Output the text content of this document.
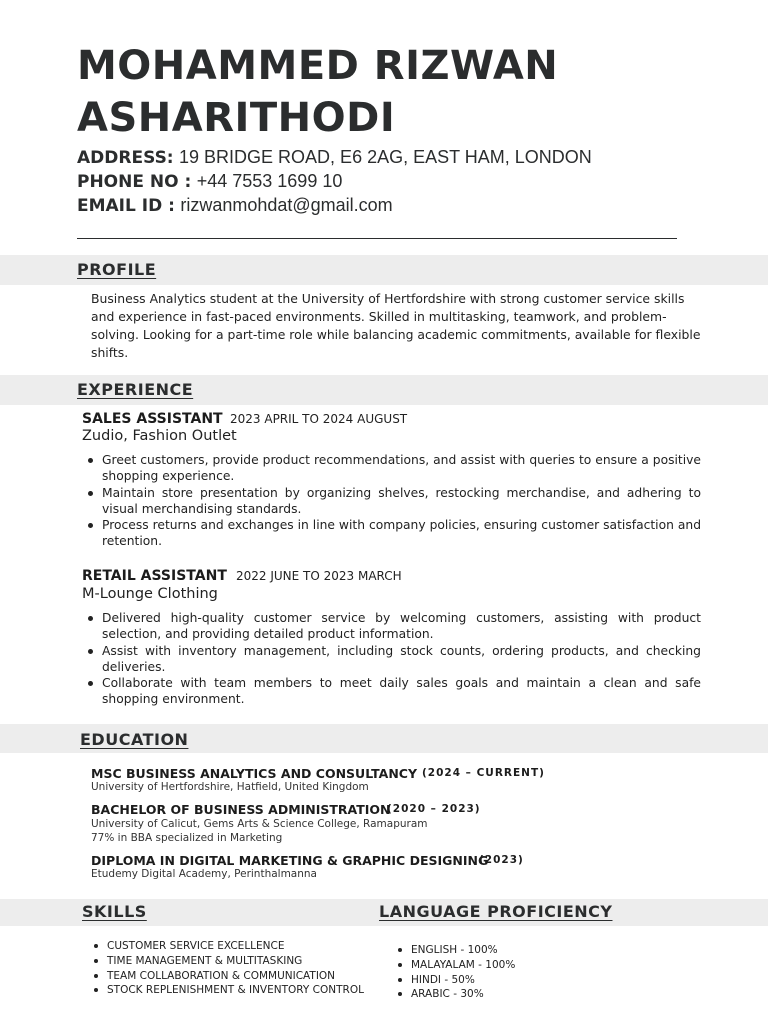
MOHAMMED RIZWAN
ASHARITHODI
ADDRESS: 19 BRIDGE ROAD, E6 2AG, EAST HAM, LONDON
PHONE NO : +44 7553 1699 10
EMAIL ID : rizwanmohdat@gmail.com
PROFILE
Business Analytics student at the University of Hertfordshire with strong customer service skills and experience in fast-paced environments. Skilled in multitasking, teamwork, and problem-solving. Looking for a part-time role while balancing academic commitments, available for flexible shifts.
EXPERIENCE
SALES ASSISTANT 2023 APRIL TO 2024 AUGUST
Zudio, Fashion Outlet
Greet customers, provide product recommendations, and assist with queries to ensure a positive shopping experience.
Maintain store presentation by organizing shelves, restocking merchandise, and adhering to visual merchandising standards.
Process returns and exchanges in line with company policies, ensuring customer satisfaction and retention.
RETAIL ASSISTANT 2022 JUNE TO 2023 MARCH
M-Lounge Clothing
Delivered high-quality customer service by welcoming customers, assisting with product selection, and providing detailed product information.
Assist with inventory management, including stock counts, ordering products, and checking deliveries.
Collaborate with team members to meet daily sales goals and maintain a clean and safe shopping environment.
EDUCATION
MSC BUSINESS ANALYTICS AND CONSULTANCY (2024 – CURRENT)
University of Hertfordshire, Hatfield, United Kingdom
BACHELOR OF BUSINESS ADMINISTRATION
(2020 – 2023)
University of Calicut, Gems Arts & Science College, Ramapuram
77% in BBA specialized in Marketing
DIPLOMA IN DIGITAL MARKETING & GRAPHIC DESIGNING
(2023)
Etudemy Digital Academy, Perinthalmanna
SKILLS	LANGUAGE PROFICIENCY
CUSTOMER SERVICE EXCELLENCE
TIME MANAGEMENT & MULTITASKING
TEAM COLLABORATION & COMMUNICATION
STOCK REPLENISHMENT & INVENTORY CONTROL
ENGLISH - 100%
MALAYALAM - 100%
HINDI - 50%
ARABIC - 30%
